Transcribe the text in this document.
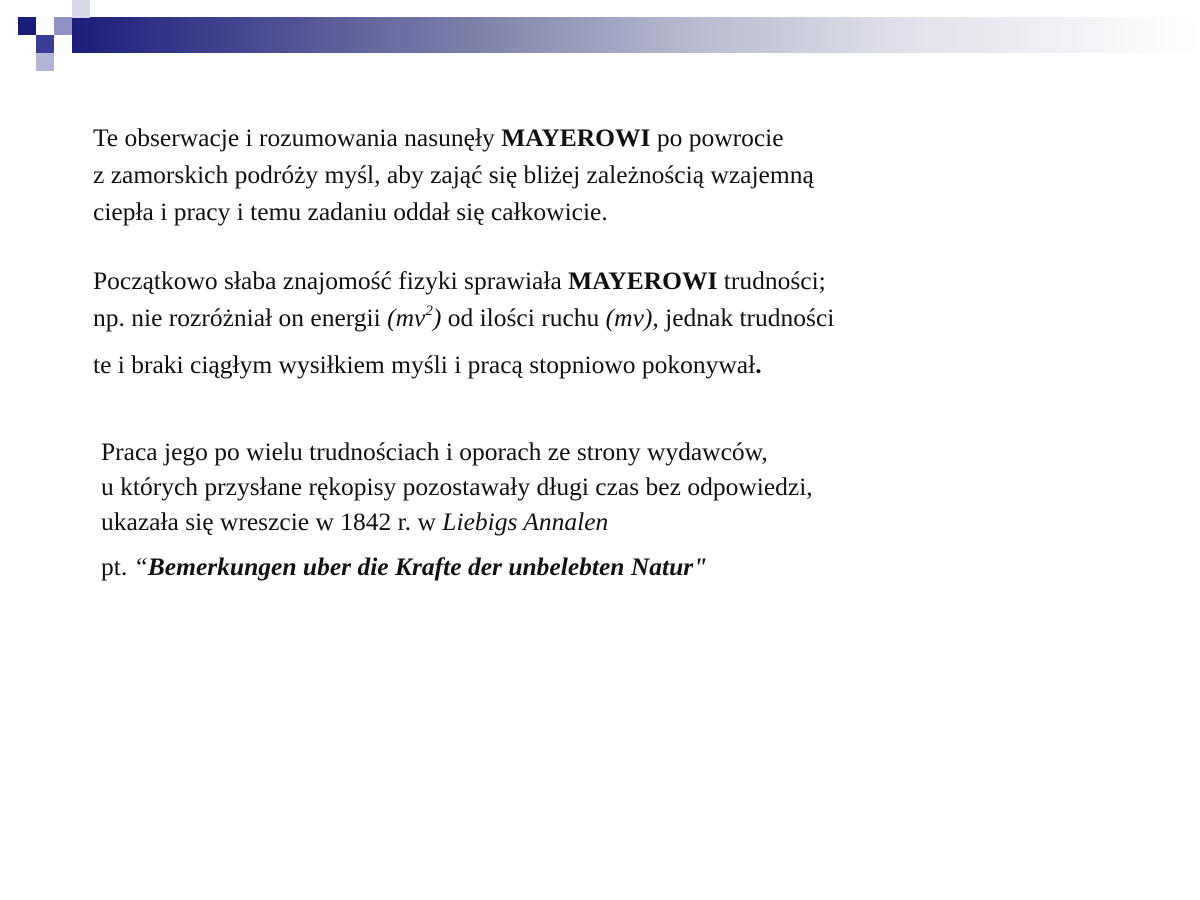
Te obserwacje i rozumowania nasunęły MAYEROWI po powrocie
z zamorskich podróży myśl, aby zająć się bliżej zależnością wzajemną
ciepła i pracy i temu zadaniu oddał się całkowicie.

Początkowo słaba znajomość fizyki sprawiała MAYEROWI trudności;
np. nie rozróżniał on energii $(mv^2)$ od ilości ruchu (mv), jednak trudności
te i braki ciągłym wysiłkiem myśli i pracą stopniowo pokonywał.

Praca jego po wielu trudnościach i oporach ze strony wydawców,
u których przysłane rękopisy pozostawały długi czas bez odpowiedzi,
ukazała się wreszcie w 1842 r. w Liebigs Annalen
pt. “Bemerkungen uber die Krafte der unbelebten Natur"
